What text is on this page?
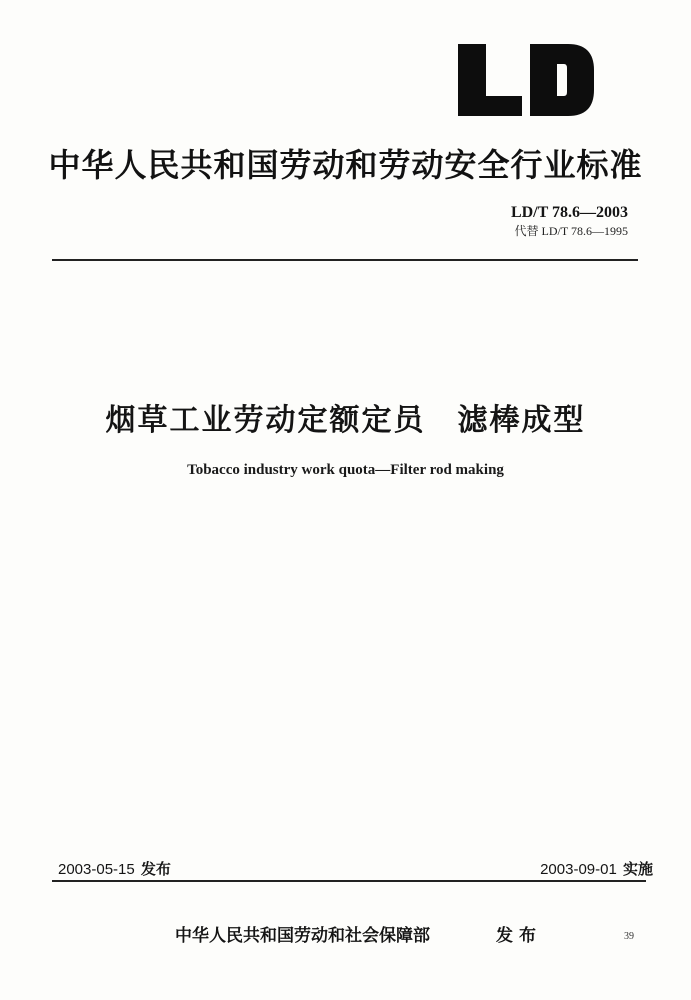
中华人民共和国劳动和劳动安全行业标准
LD/T 78.6—2003
代替 LD/T 78.6—1995
烟草工业劳动定额定员　滤棒成型
Tobacco industry work quota—Filter rod making
2003-05-15 发布	2003-09-01 实施
中华人民共和国劳动和社会保障部	发布	39
